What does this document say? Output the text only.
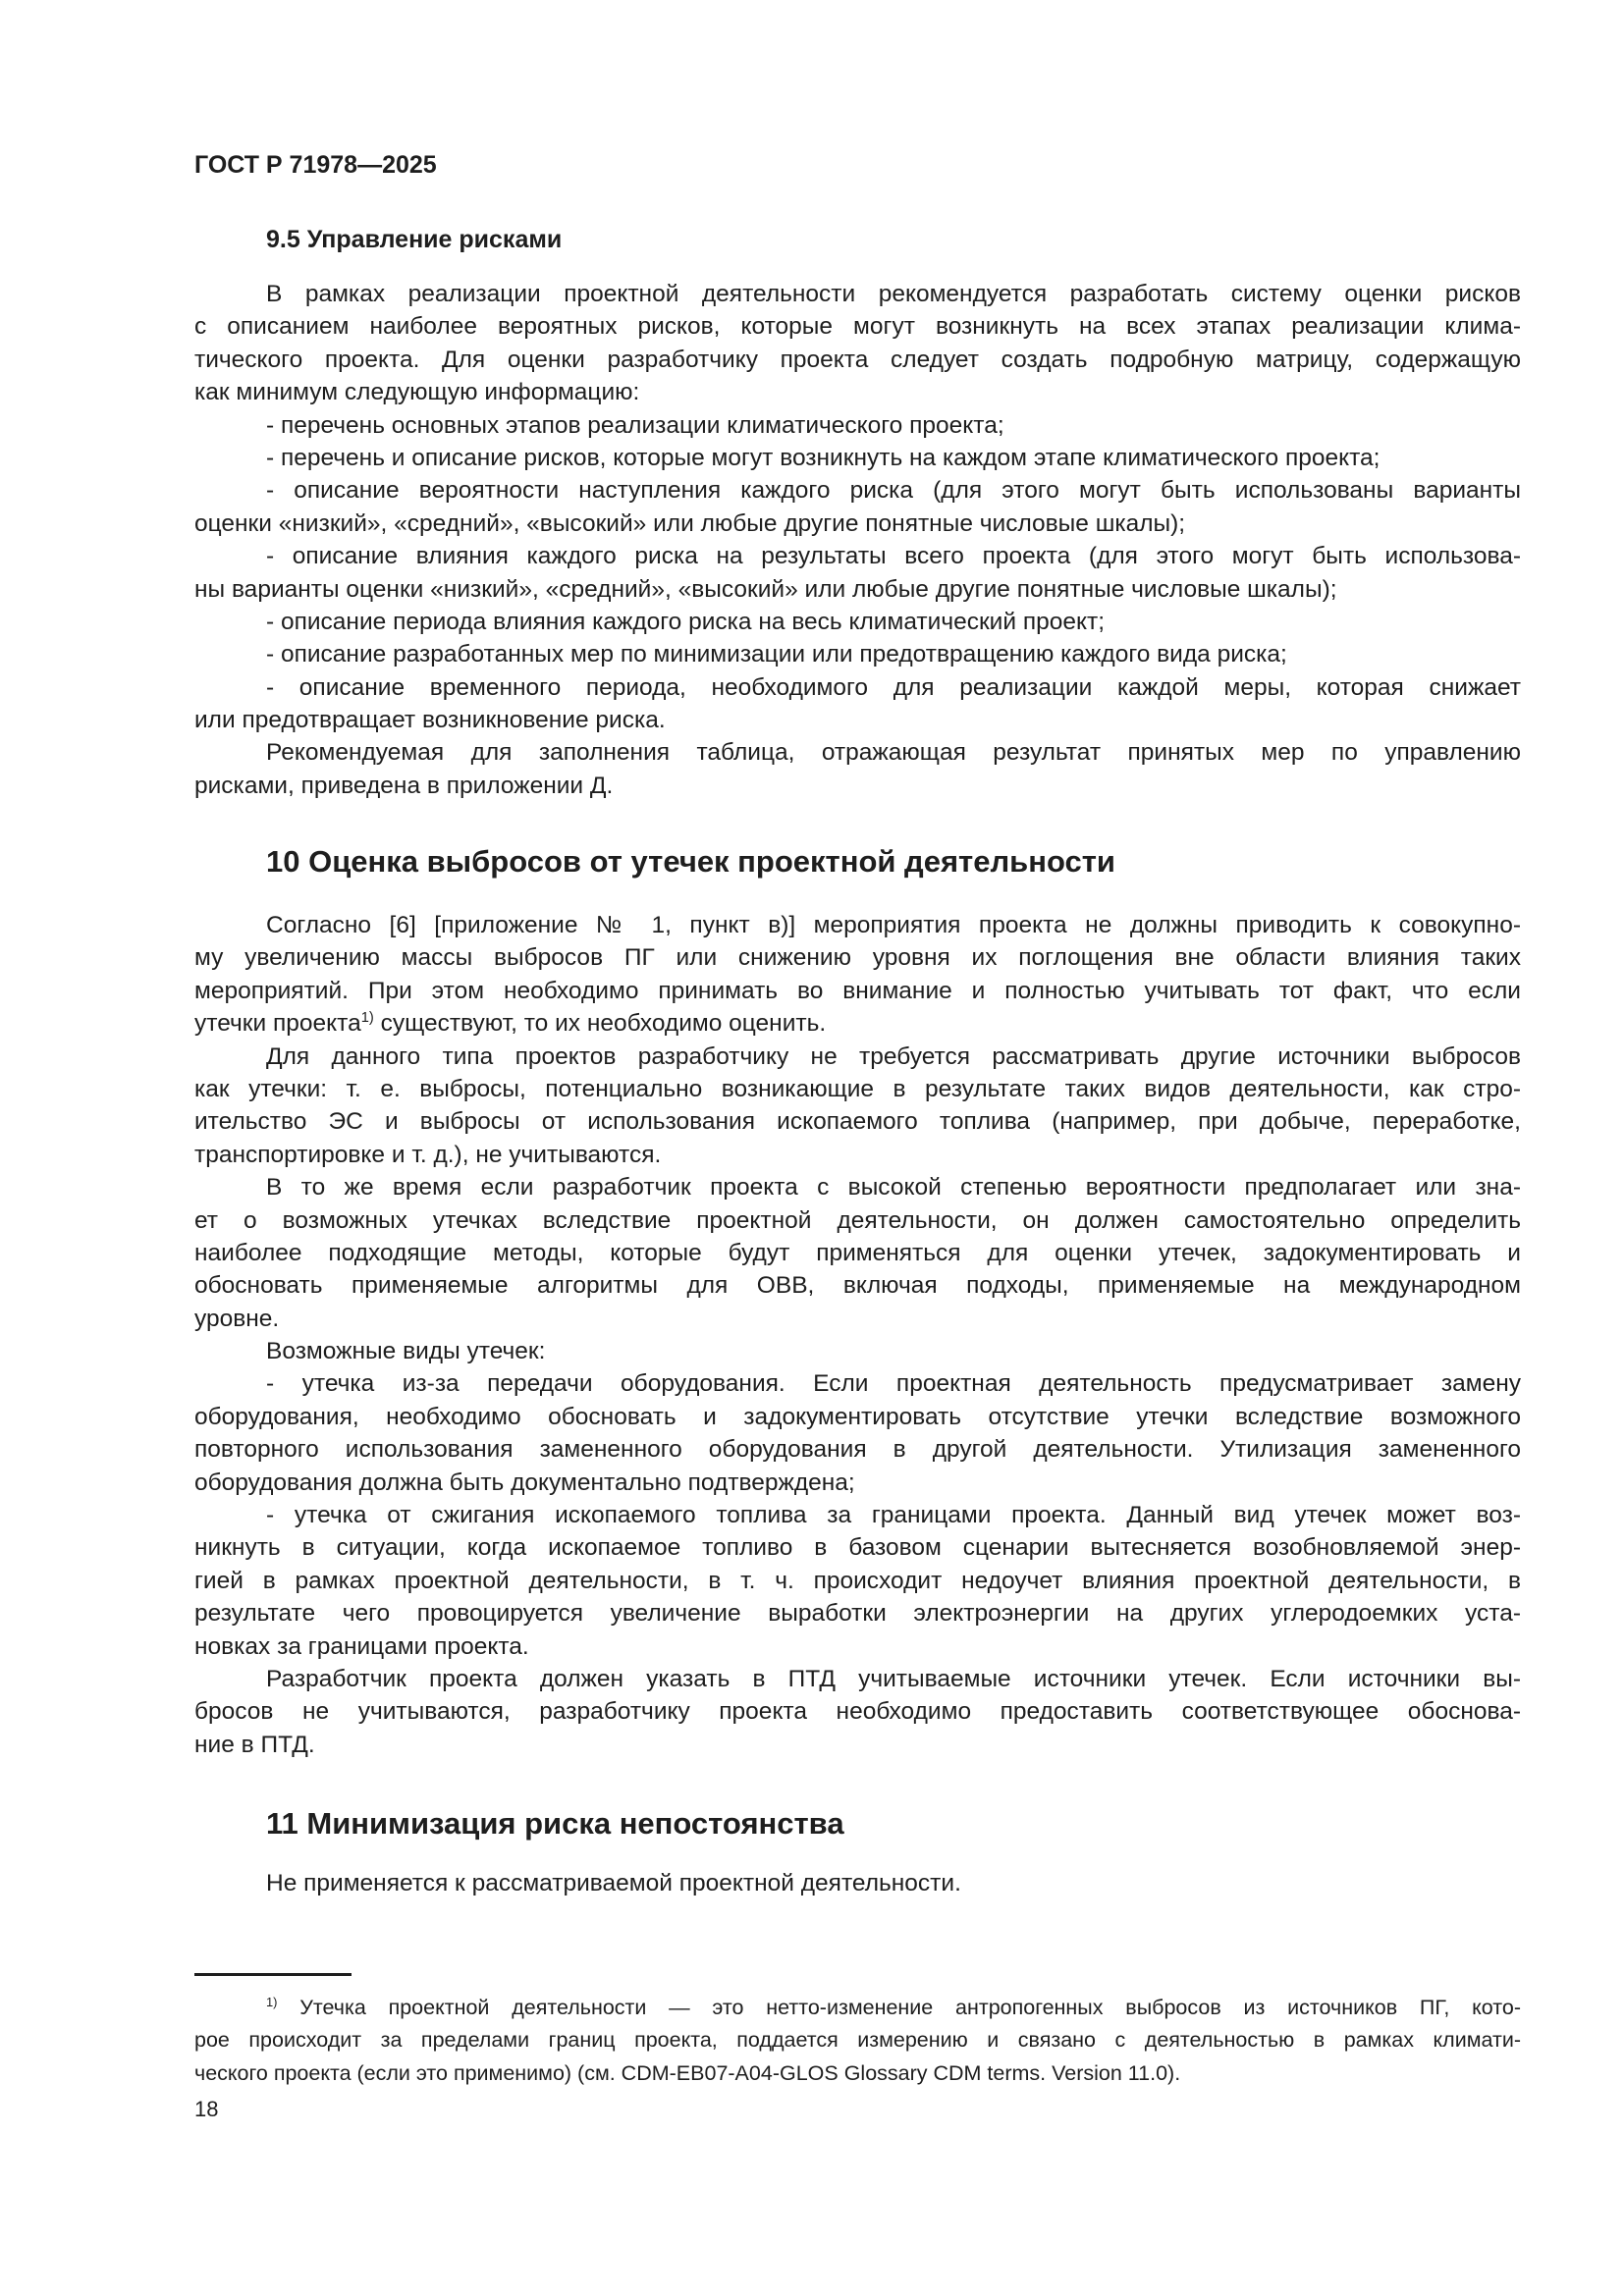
ГОСТ Р 71978—2025
9.5 Управление рисками
В рамках реализации проектной деятельности рекомендуется разработать систему оценки рисков
с описанием наиболее вероятных рисков, которые могут возникнуть на всех этапах реализации клима-
тического проекта. Для оценки разработчику проекта следует создать подробную матрицу, содержащую
как минимум следующую информацию:
- перечень основных этапов реализации климатического проекта;
- перечень и описание рисков, которые могут возникнуть на каждом этапе климатического проекта;
- описание вероятности наступления каждого риска (для этого могут быть использованы варианты
оценки «низкий», «средний», «высокий» или любые другие понятные числовые шкалы);
- описание влияния каждого риска на результаты всего проекта (для этого могут быть использова-
ны варианты оценки «низкий», «средний», «высокий» или любые другие понятные числовые шкалы);
- описание периода влияния каждого риска на весь климатический проект;
- описание разработанных мер по минимизации или предотвращению каждого вида риска;
- описание временного периода, необходимого для реализации каждой меры, которая снижает
или предотвращает возникновение риска.
Рекомендуемая для заполнения таблица, отражающая результат принятых мер по управлению
рисками, приведена в приложении Д.
10 Оценка выбросов от утечек проектной деятельности
Согласно [6] [приложение № 1, пункт в)] мероприятия проекта не должны приводить к совокупно-
му увеличению массы выбросов ПГ или снижению уровня их поглощения вне области влияния таких
мероприятий. При этом необходимо принимать во внимание и полностью учитывать тот факт, что если
утечки проекта$^{1)}$ существуют, то их необходимо оценить.
Для данного типа проектов разработчику не требуется рассматривать другие источники выбросов
как утечки: т. е. выбросы, потенциально возникающие в результате таких видов деятельности, как стро-
ительство ЭС и выбросы от использования ископаемого топлива (например, при добыче, переработке,
транспортировке и т. д.), не учитываются.
В то же время если разработчик проекта с высокой степенью вероятности предполагает или зна-
ет о возможных утечках вследствие проектной деятельности, он должен самостоятельно определить
наиболее подходящие методы, которые будут применяться для оценки утечек, задокументировать и
обосновать применяемые алгоритмы для ОВВ, включая подходы, применяемые на международном
уровне.
Возможные виды утечек:
- утечка из-за передачи оборудования. Если проектная деятельность предусматривает замену
оборудования, необходимо обосновать и задокументировать отсутствие утечки вследствие возможного
повторного использования замененного оборудования в другой деятельности. Утилизация замененного
оборудования должна быть документально подтверждена;
- утечка от сжигания ископаемого топлива за границами проекта. Данный вид утечек может воз-
никнуть в ситуации, когда ископаемое топливо в базовом сценарии вытесняется возобновляемой энер-
гией в рамках проектной деятельности, в т. ч. происходит недоучет влияния проектной деятельности, в
результате чего провоцируется увеличение выработки электроэнергии на других углеродоемких уста-
новках за границами проекта.
Разработчик проекта должен указать в ПТД учитываемые источники утечек. Если источники вы-
бросов не учитываются, разработчику проекта необходимо предоставить соответствующее обоснова-
ние в ПТД.
11 Минимизация риска непостоянства
Не применяется к рассматриваемой проектной деятельности.
$^{1)}$ Утечка проектной деятельности — это нетто-изменение антропогенных выбросов из источников ПГ, кото-
рое происходит за пределами границ проекта, поддается измерению и связано с деятельностью в рамках климати-
ческого проекта (если это применимо) (см. CDM-EB07-A04-GLOS Glossary CDM terms. Version 11.0).
18
